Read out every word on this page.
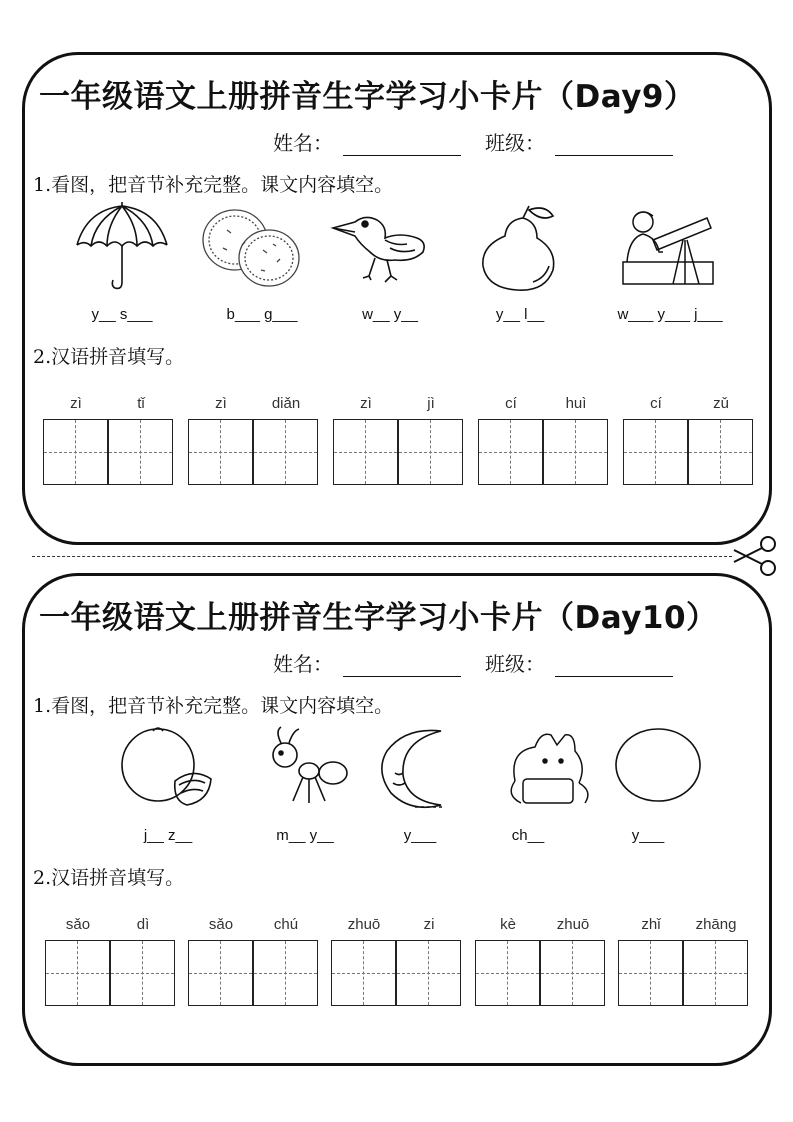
一年级语文上册拼音生字学习小卡片（Day9）
姓名：	班级：
1.看图，把音节补充完整。课文内容填空。
y__ s___	b___ g___	w__ y__	y__ l__	w___ y___ j___
2.汉语拼音填写。
zì	tǐ	zì	diǎn	zì	jì	cí	huì	cí	zǔ
一年级语文上册拼音生字学习小卡片（Day10）
姓名：	班级：
1.看图，把音节补充完整。课文内容填空。
j__ z__	m__ y__	y___	ch__	y___
2.汉语拼音填写。
sǎo	dì	sǎo	chú	zhuō	zi	kè	zhuō	zhǐ	zhāng
